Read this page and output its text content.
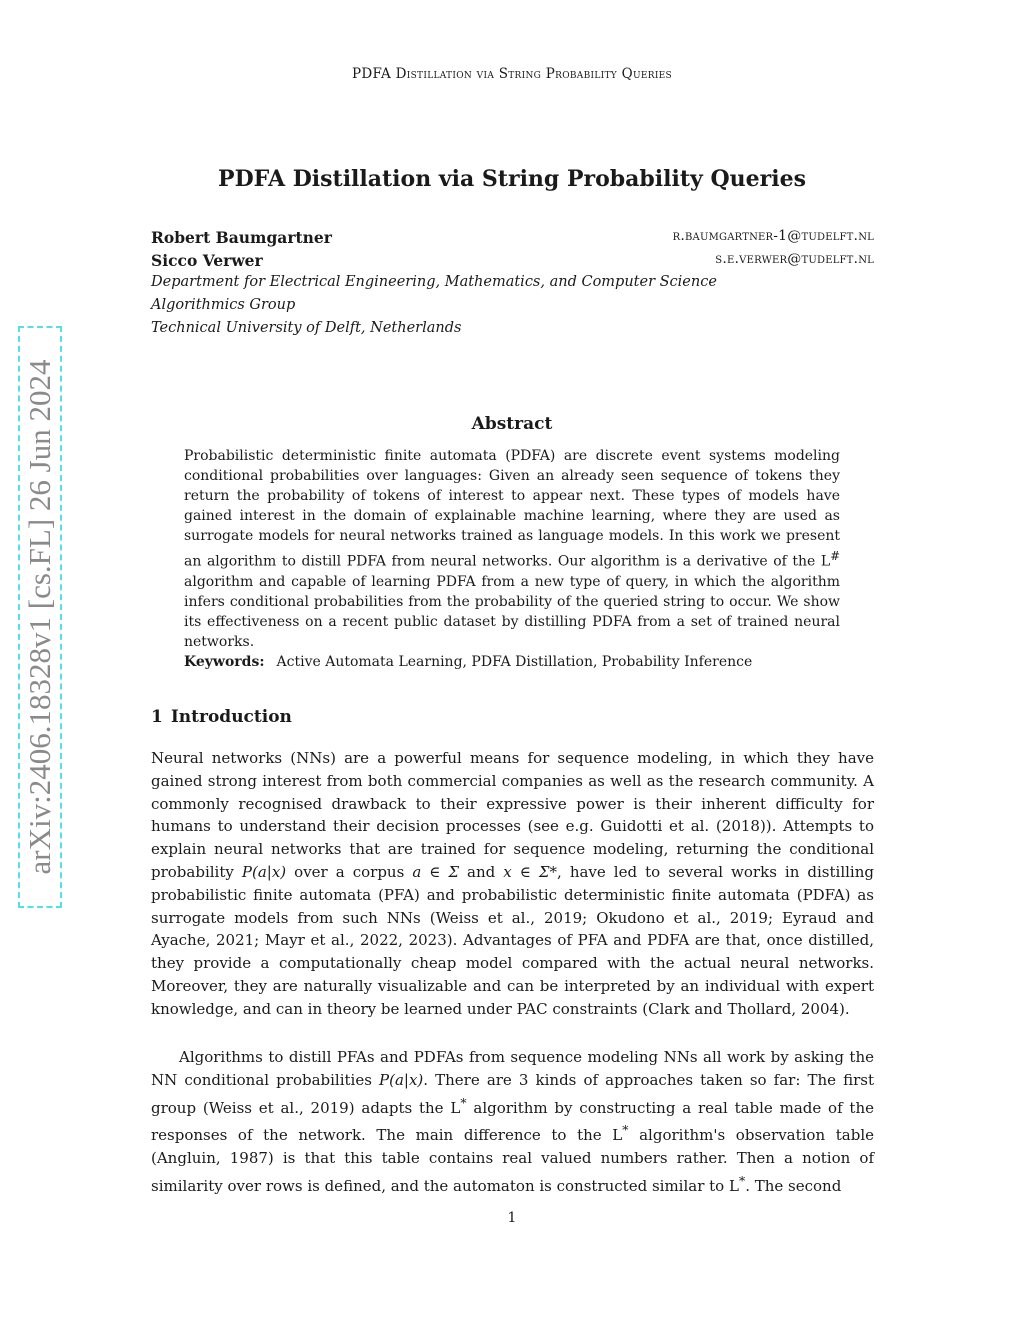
PDFA Distillation via String Probability Queries
PDFA Distillation via String Probability Queries
Robert Baumgartner	r.baumgartner-1@tudelft.nl
Sicco Verwer	s.e.verwer@tudelft.nl
Department for Electrical Engineering, Mathematics, and Computer Science
Algorithmics Group
Technical University of Delft, Netherlands
arXiv:2406.18328v1 [cs.FL] 26 Jun 2024	Abstract

Probabilistic deterministic finite automata (PDFA) are discrete event systems modeling conditional probabilities over languages: Given an already seen sequence of tokens they return the probability of tokens of interest to appear next. These types of models have gained interest in the domain of explainable machine learning, where they are used as surrogate models for neural networks trained as language models. In this work we present an algorithm to distill PDFA from neural networks. Our algorithm is a derivative of the L# algorithm and capable of learning PDFA from a new type of query, in which the algorithm infers conditional probabilities from the probability of the queried string to occur. We show its effectiveness on a recent public dataset by distilling PDFA from a set of trained neural networks.

Keywords: Active Automata Learning, PDFA Distillation, Probability Inference
1 Introduction

Neural networks (NNs) are a powerful means for sequence modeling, in which they have gained strong interest from both commercial companies as well as the research community. A commonly recognised drawback to their expressive power is their inherent difficulty for humans to understand their decision processes (see e.g. Guidotti et al. (2018)). Attempts to explain neural networks that are trained for sequence modeling, returning the conditional probability P(a|x) over a corpus a ∈ Σ and x ∈ Σ*, have led to several works in distilling probabilistic finite automata (PFA) and probabilistic deterministic finite automata (PDFA) as surrogate models from such NNs (Weiss et al., 2019; Okudono et al., 2019; Eyraud and Ayache, 2021; Mayr et al., 2022, 2023). Advantages of PFA and PDFA are that, once distilled, they provide a computationally cheap model compared with the actual neural networks. Moreover, they are naturally visualizable and can be interpreted by an individual with expert knowledge, and can in theory be learned under PAC constraints (Clark and Thollard, 2004).

Algorithms to distill PFAs and PDFAs from sequence modeling NNs all work by asking the NN conditional probabilities P(a|x). There are 3 kinds of approaches taken so far: The first group (Weiss et al., 2019) adapts the L* algorithm by constructing a real table made of the responses of the network. The main difference to the L* algorithm's observation table (Angluin, 1987) is that this table contains real valued numbers rather. Then a notion of similarity over rows is defined, and the automaton is constructed similar to L*. The second

1
